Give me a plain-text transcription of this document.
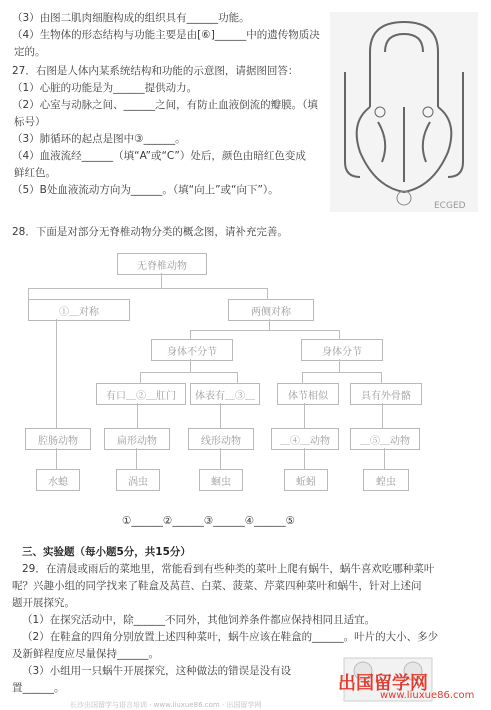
（3）由图二肌肉细胞构成的组织具有______功能。
（4）生物体的形态结构与功能主要是由[⑥]______中的遗传物质决
定的。
27．右图是人体内某系统结构和功能的示意图，请据图回答：
（1）心脏的功能是为______提供动力。
（2）心室与动脉之间、______之间，有防止血液倒流的瓣膜。（填
标号）
（3）肺循环的起点是图中③______。
（4）血液流经______（填“A”或“C”）处后，颜色由暗红色变成
鲜红色。
（5）B处血液流动方向为______。（填“向上”或“向下”）。
ECGED
28．下面是对部分无脊椎动物分类的概念图，请补充完善。
无脊椎动物
①＿对称	两侧对称
身体不分节	身体分节
有口＿②＿肛门	体表有＿③＿	体节相似	具有外骨骼
腔肠动物	扁形动物	线形动物	＿④＿动物	＿⑤＿动物
水螅	涡虫	蛔虫	蚯蚓	蝗虫
①______②______③______④______⑤
三、实验题（每小题5分，共15分）
29．在清晨或雨后的菜地里，常能看到有些种类的菜叶上爬有蜗牛，蜗牛喜欢吃哪种菜叶
呢？兴趣小组的同学找来了鞋盒及莴苣、白菜、菠菜、芹菜四种菜叶和蜗牛，针对上述问
题开展探究。
（1）在探究活动中，除______不同外，其他饲养条件都应保持相同且适宜。
（2）在鞋盒的四角分别放置上述四种菜叶，蜗牛应该在鞋盒的______。叶片的大小、多少
及新鲜程度应尽量保持______。
（3）小组用一只蜗牛开展探究，这种做法的错误是没有设
置______。	出国留学网
www.liuxue86.com
长沙出国留学与语言培训 · www.liuxue86.com · 出国留学网
